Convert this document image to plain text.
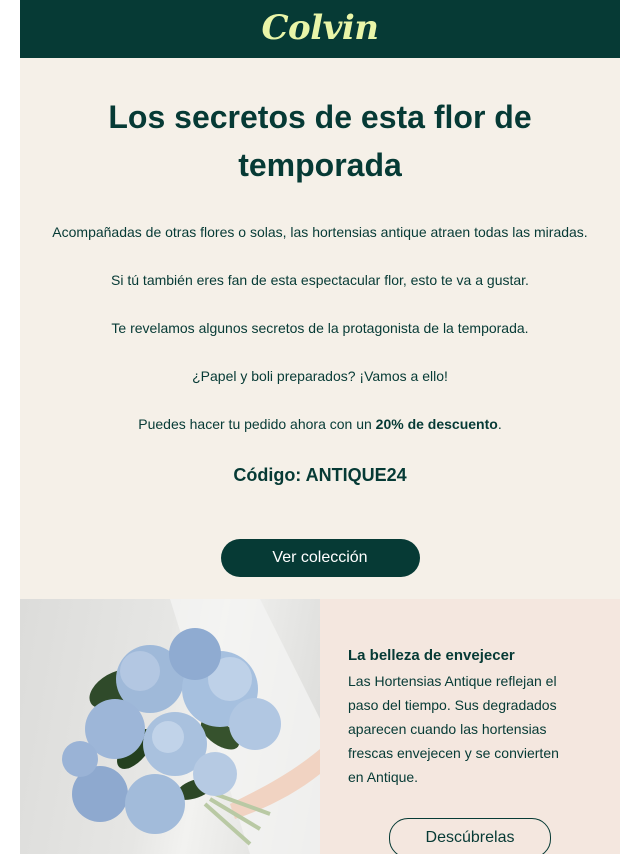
Colvin
Los secretos de esta flor de temporada

Acompañadas de otras flores o solas, las hortensias antique atraen todas las miradas.

Si tú también eres fan de esta espectacular flor, esto te va a gustar.

Te revelamos algunos secretos de la protagonista de la temporada.

¿Papel y boli preparados? ¡Vamos a ello!

Puedes hacer tu pedido ahora con un 20% de descuento.

Código: ANTIQUE24
Ver colección
La belleza de envejecer
Las Hortensias Antique reflejan el paso del tiempo. Sus degradados aparecen cuando las hortensias frescas envejecen y se convierten en Antique.
Descúbrelas
